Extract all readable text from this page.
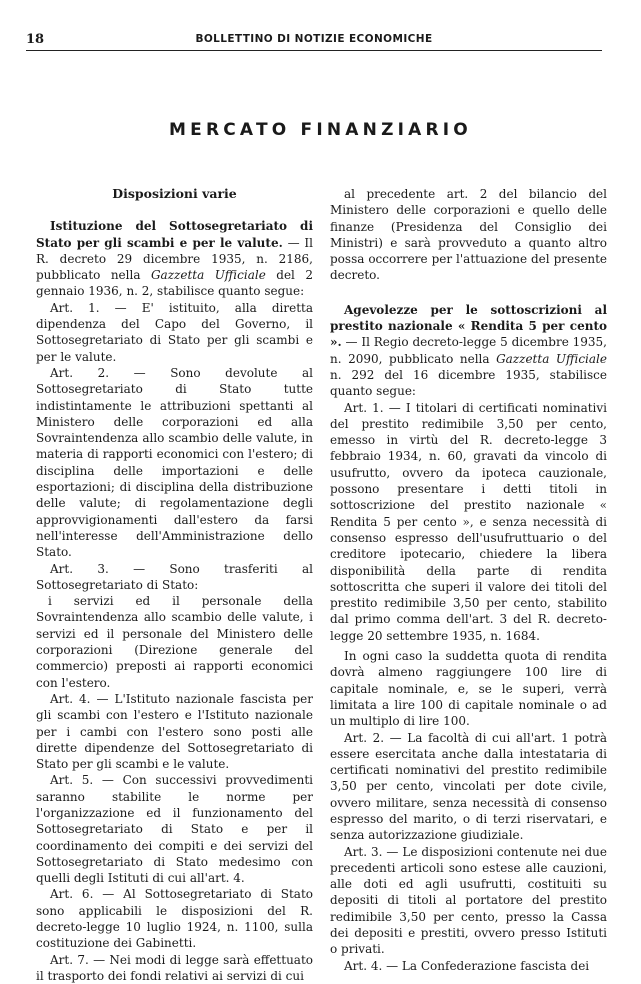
18	BOLLETTINO DI NOTIZIE ECONOMICHE
MERCATO FINANZIARIO
Disposizioni varie

Istituzione del Sottosegretariato di Stato per gli scambi e per le valute. — Il R. decreto 29 dicembre 1935, n. 2186, pubblicato nella Gazzetta Ufficiale del 2 gennaio 1936, n. 2, stabilisce quanto segue:

Art. 1. — E' istituito, alla diretta dipendenza del Capo del Governo, il Sottosegretariato di Stato per gli scambi e per le valute.

Art. 2. — Sono devolute al Sottosegretariato di Stato tutte indistintamente le attribuzioni spettanti al Ministero delle corporazioni ed alla Sovraintendenza allo scambio delle valute, in materia di rapporti economici con l'estero; di disciplina delle importazioni e delle esportazioni; di disciplina della distribuzione delle valute; di regolamentazione degli approvvigionamenti dall'estero da farsi nell'interesse dell'Amministrazione dello Stato.

Art. 3. — Sono trasferiti al Sottosegretariato di Stato:

i servizi ed il personale della Sovraintendenza allo scambio delle valute, i servizi ed il personale del Ministero delle corporazioni (Direzione generale del commercio) preposti ai rapporti economici con l'estero.

Art. 4. — L'Istituto nazionale fascista per gli scambi con l'estero e l'Istituto nazionale per i cambi con l'estero sono posti alle dirette dipendenze del Sottosegretariato di Stato per gli scambi e le valute.

Art. 5. — Con successivi provvedimenti saranno stabilite le norme per l'organizzazione ed il funzionamento del Sottosegretariato di Stato e per il coordinamento dei compiti e dei servizi del Sottosegretariato di Stato medesimo con quelli degli Istituti di cui all'art. 4.

Art. 6. — Al Sottosegretariato di Stato sono applicabili le disposizioni del R. decreto-legge 10 luglio 1924, n. 1100, sulla costituzione dei Gabinetti.

Art. 7. — Nei modi di legge sarà effettuato il trasporto dei fondi relativi ai servizi di cui

al precedente art. 2 del bilancio del Ministero delle corporazioni e quello delle finanze (Presidenza del Consiglio dei Ministri) e sarà provveduto a quanto altro possa occorrere per l'attuazione del presente decreto.

Agevolezze per le sottoscrizioni al prestito nazionale « Rendita 5 per cento ». — Il Regio decreto-legge 5 dicembre 1935, n. 2090, pubblicato nella Gazzetta Ufficiale n. 292 del 16 dicembre 1935, stabilisce quanto segue:

Art. 1. — I titolari di certificati nominativi del prestito redimibile 3,50 per cento, emesso in virtù del R. decreto-legge 3 febbraio 1934, n. 60, gravati da vincolo di usufrutto, ovvero da ipoteca cauzionale, possono presentare i detti titoli in sottoscrizione del prestito nazionale « Rendita 5 per cento », e senza necessità di consenso espresso dell'usufruttuario o del creditore ipotecario, chiedere la libera disponibilità della parte di rendita sottoscritta che superi il valore dei titoli del prestito redimibile 3,50 per cento, stabilito dal primo comma dell'art. 3 del R. decreto-legge 20 settembre 1935, n. 1684.

In ogni caso la suddetta quota di rendita dovrà almeno raggiungere 100 lire di capitale nominale, e, se le superi, verrà limitata a lire 100 di capitale nominale o ad un multiplo di lire 100.

Art. 2. — La facoltà di cui all'art. 1 potrà essere esercitata anche dalla intestataria di certificati nominativi del prestito redimibile 3,50 per cento, vincolati per dote civile, ovvero militare, senza necessità di consenso espresso del marito, o di terzi riservatari, e senza autorizzazione giudiziale.

Art. 3. — Le disposizioni contenute nei due precedenti articoli sono estese alle cauzioni, alle doti ed agli usufrutti, costituiti su depositi di titoli al portatore del prestito redimibile 3,50 per cento, presso la Cassa dei depositi e prestiti, ovvero presso Istituti o privati.

Art. 4. — La Confederazione fascista dei
